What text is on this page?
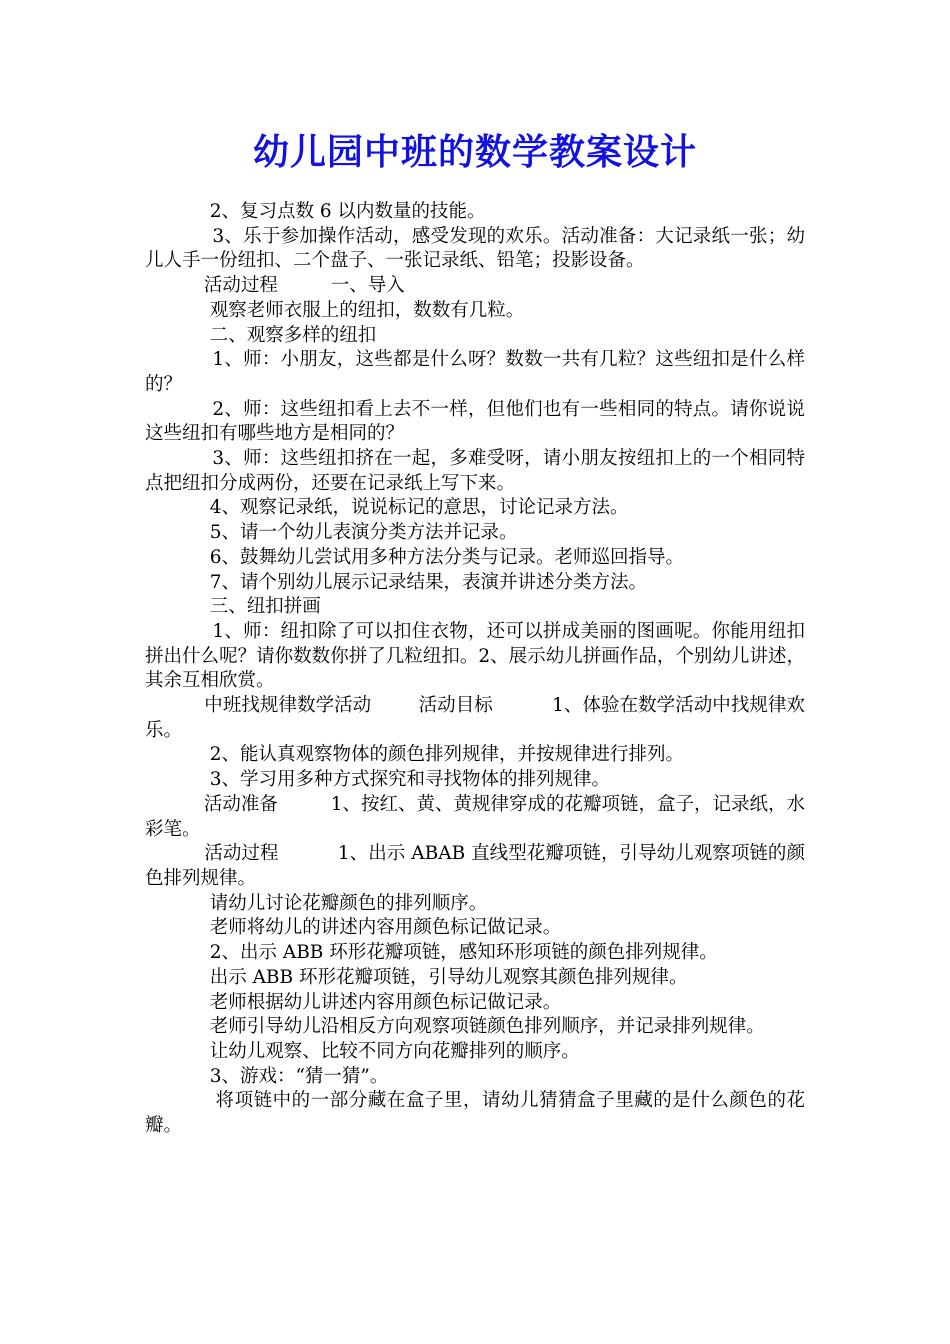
幼儿园中班的数学教案设计

2、复习点数 6 以内数量的技能。

3、乐于参加操作活动，感受发现的欢乐。活动准备：大记录纸一张；幼儿人手一份纽扣、二个盘子、一张记录纸、铅笔；投影设备。

活动过程         一、导入

观察老师衣服上的纽扣，数数有几粒。

二、观察多样的纽扣

1、师：小朋友，这些都是什么呀？数数一共有几粒？这些纽扣是什么样的？

2、师：这些纽扣看上去不一样，但他们也有一些相同的特点。请你说说这些纽扣有哪些地方是相同的？

3、师：这些纽扣挤在一起，多难受呀，请小朋友按纽扣上的一个相同特点把纽扣分成两份，还要在记录纸上写下来。

4、观察记录纸，说说标记的意思，讨论记录方法。

5、请一个幼儿表演分类方法并记录。

6、鼓舞幼儿尝试用多种方法分类与记录。老师巡回指导。

7、请个别幼儿展示记录结果，表演并讲述分类方法。

三、纽扣拼画

1、师：纽扣除了可以扣住衣物，还可以拼成美丽的图画呢。你能用纽扣拼出什么呢？请你数数你拼了几粒纽扣。2、展示幼儿拼画作品，个别幼儿讲述，其余互相欣赏。

中班找规律数学活动        活动目标          1、体验在数学活动中找规律欢乐。

2、能认真观察物体的颜色排列规律，并按规律进行排列。

3、学习用多种方式探究和寻找物体的排列规律。

活动准备         1、按红、黄、黄规律穿成的花瓣项链，盒子，记录纸，水彩笔。

活动过程          1、出示 ABAB 直线型花瓣项链，引导幼儿观察项链的颜色排列规律。

请幼儿讨论花瓣颜色的排列顺序。

老师将幼儿的讲述内容用颜色标记做记录。

2、出示 ABB 环形花瓣项链，感知环形项链的颜色排列规律。

出示 ABB 环形花瓣项链，引导幼儿观察其颜色排列规律。

老师根据幼儿讲述内容用颜色标记做记录。

老师引导幼儿沿相反方向观察项链颜色排列顺序，并记录排列规律。

让幼儿观察、比较不同方向花瓣排列的顺序。

3、游戏：“猜一猜”。

将项链中的一部分藏在盒子里，请幼儿猜猜盒子里藏的是什么颜色的花瓣。
